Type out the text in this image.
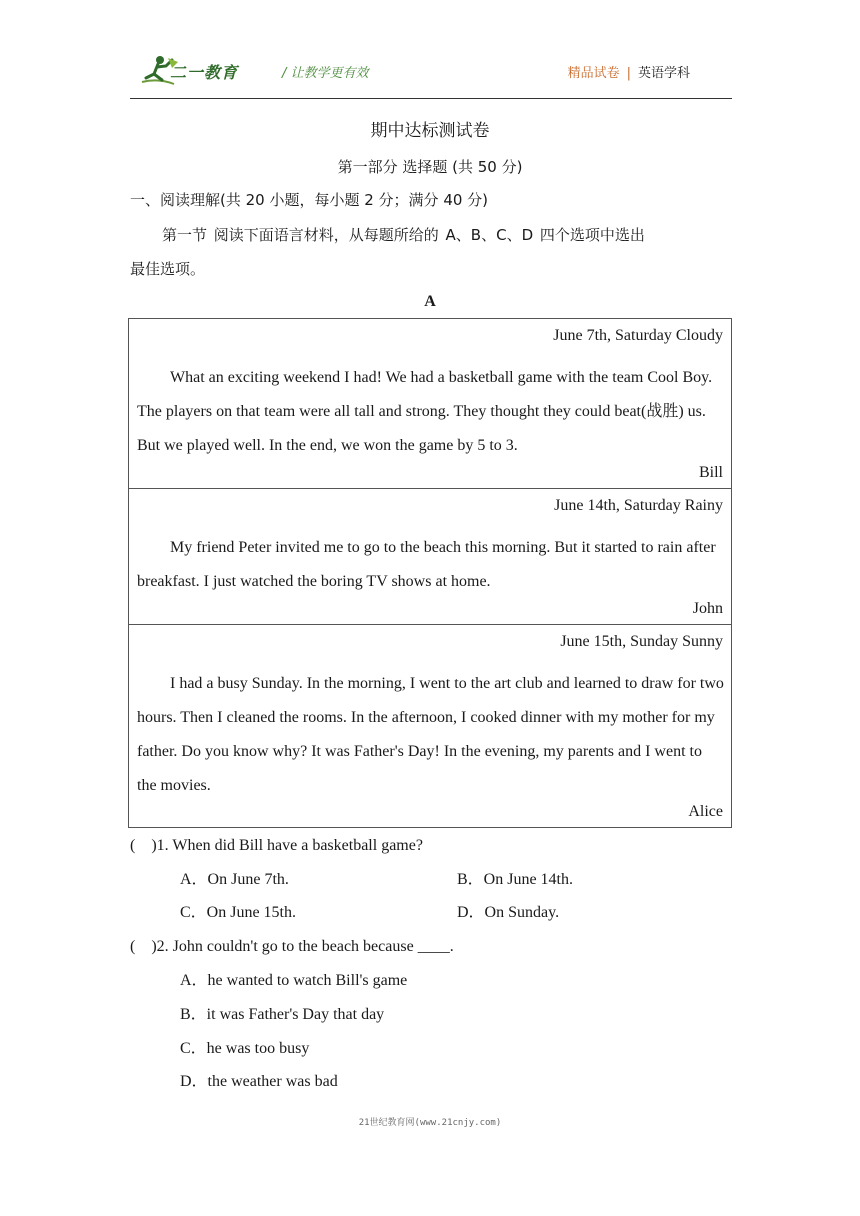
二一教育	/ 让教学更有效	精品试卷 | 英语学科
期中达标测试卷
第一部分 选择题 (共 50 分)
一、阅读理解(共 20 小题，每小题 2 分；满分 40 分)
第一节 阅读下面语言材料，从每题所给的 A、B、C、D 四个选项中选出
最佳选项。
A
June 7th, Saturday Cloudy
What an exciting weekend I had! We had a basketball game with the team Cool Boy. The players on that team were all tall and strong. They thought they could beat(战胜) us. But we played well. In the end, we won the game by 5 to 3.
Bill
June 14th, Saturday Rainy
My friend Peter invited me to go to the beach this morning. But it started to rain after breakfast. I just watched the boring TV shows at home.
John
June 15th, Sunday Sunny
I had a busy Sunday. In the morning, I went to the art club and learned to draw for two hours. Then I cleaned the rooms. In the afternoon, I cooked dinner with my mother for my father. Do you know why? It was Father's Day! In the evening, my parents and I went to the movies.
Alice
(    )1. When did Bill have a basketball game?
A．On June 7th.	B．On June 14th.
C．On June 15th.	D．On Sunday.
(    )2. John couldn't go to the beach because ____.
A．he wanted to watch Bill's game
B．it was Father's Day that day
C．he was too busy
D．the weather was bad
21世纪教育网(www.21cnjy.com)
